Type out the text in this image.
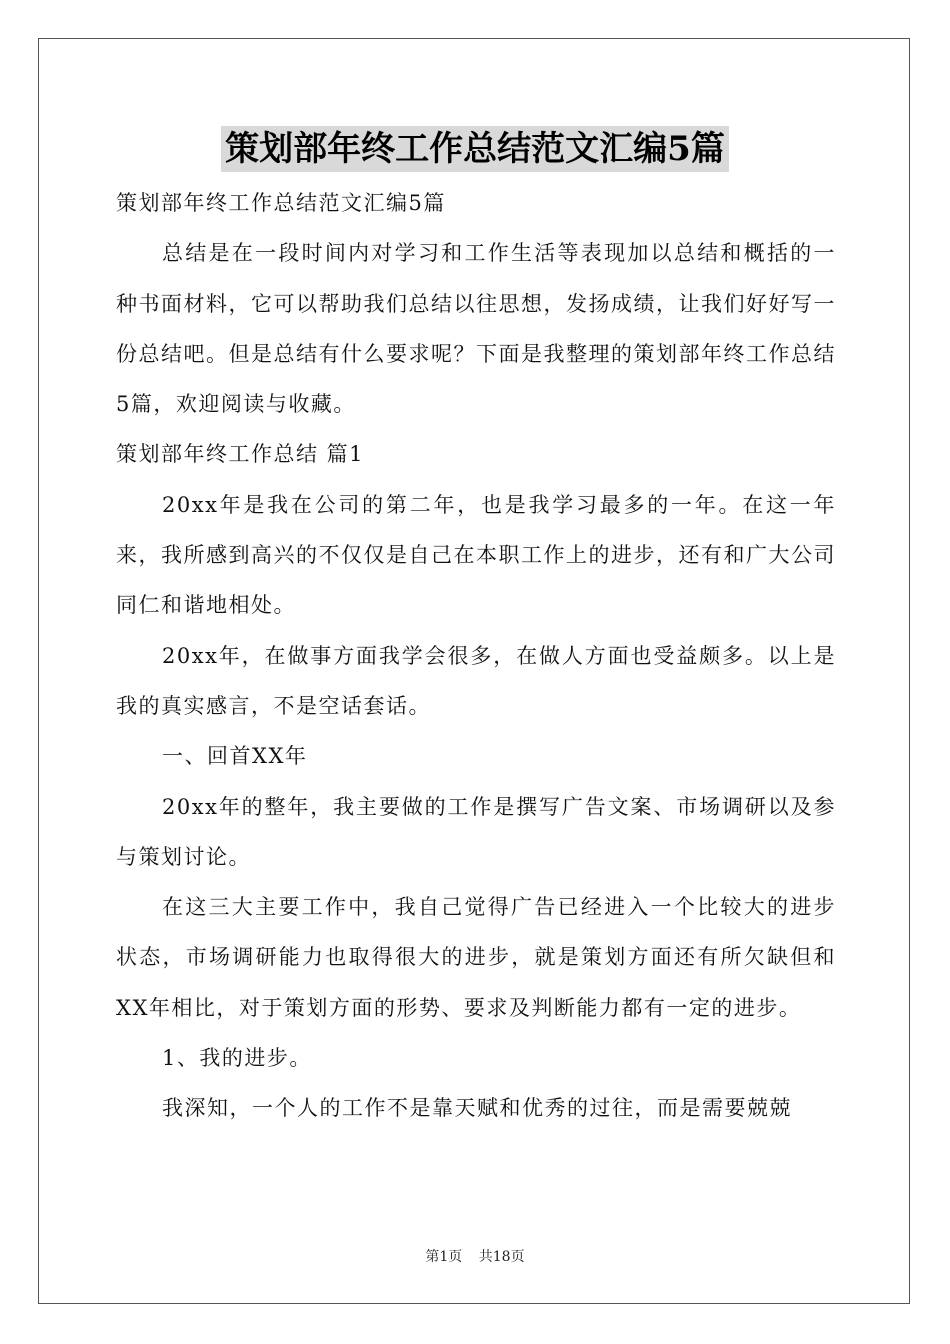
策划部年终工作总结范文汇编5篇

策划部年终工作总结范文汇编5篇

总结是在一段时间内对学习和工作生活等表现加以总结和概括的一种书面材料，它可以帮助我们总结以往思想，发扬成绩，让我们好好写一份总结吧。但是总结有什么要求呢？下面是我整理的策划部年终工作总结5篇，欢迎阅读与收藏。

策划部年终工作总结 篇1

20xx年是我在公司的第二年，也是我学习最多的一年。在这一年来，我所感到高兴的不仅仅是自己在本职工作上的进步，还有和广大公司同仁和谐地相处。

20xx年，在做事方面我学会很多，在做人方面也受益颇多。以上是我的真实感言，不是空话套话。

一、回首XX年

20xx年的整年，我主要做的工作是撰写广告文案、市场调研以及参与策划讨论。

在这三大主要工作中，我自己觉得广告已经进入一个比较大的进步状态，市场调研能力也取得很大的进步，就是策划方面还有所欠缺但和XX年相比，对于策划方面的形势、要求及判断能力都有一定的进步。

1、我的进步。

我深知，一个人的工作不是靠天赋和优秀的过往，而是需要兢兢

第1页 共18页
